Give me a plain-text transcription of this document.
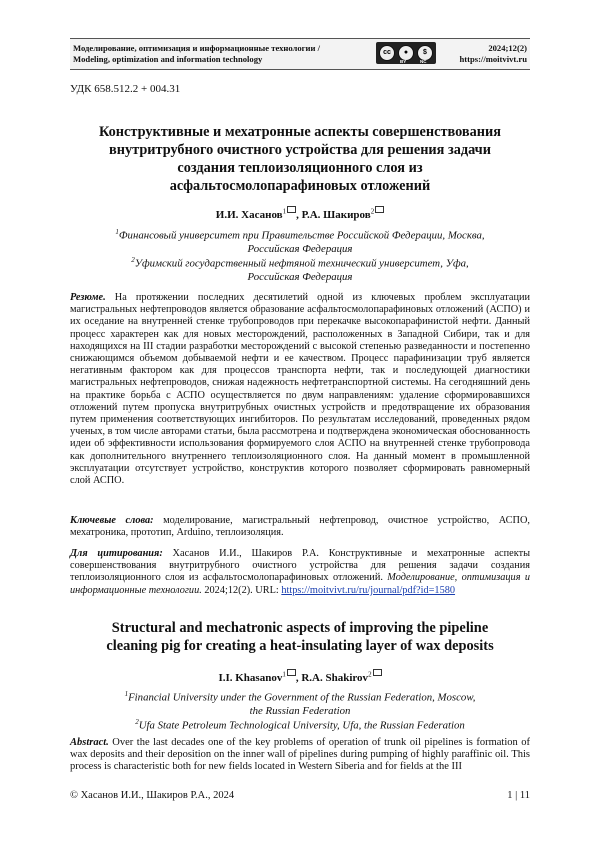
Моделирование, оптимизация и информационные технологии /
Modeling, optimization and information technology
cc	●	$
BY	NC
2024;12(2)
https://moitvivt.ru
УДК 658.512.2 + 004.31
Конструктивные и мехатронные аспекты совершенствования
внутритрубного очистного устройства для решения задачи
создания теплоизоляционного слоя из
асфальтосмолопарафиновых отложений
И.И. Хасанов$^1$ , Р.А. Шакиров$^2$
$^1$Финансовый университет при Правительстве Российской Федерации, Москва,
Российская Федерация
$^2$Уфимский государственный нефтяной технический университет, Уфа,
Российская Федерация
Резюме. На протяжении последних десятилетий одной из ключевых проблем эксплуатации магистральных нефтепроводов является образование асфальтосмолопарафиновых отложений (АСПО) и их оседание на внутренней стенке трубопроводов при перекачке высокопарафинистой нефти. Данный процесс характерен как для новых месторождений, расположенных в Западной Сибири, так и для находящихся на III стадии разработки месторождений с высокой степенью разведанности и постепенно снижающимся объемом добываемой нефти и ее качеством. Процесс парафинизации труб является негативным фактором как для процессов транспорта нефти, так и последующей диагностики магистральных нефтепроводов, снижая надежность нефтетранспортной системы. На сегодняшний день на практике борьба с АСПО осуществляется по двум направлениям: удаление сформировавшихся отложений путем пропуска внутритрубных очистных устройств и предотвращение их образования путем применения соответствующих ингибиторов. По результатам исследований, проведенных рядом ученых, в том числе авторами статьи, была рассмотрена и подтверждена экономическая обоснованность идеи об эффективности использования формируемого слоя АСПО на внутренней стенке трубопровода как дополнительного внутреннего теплоизоляционного слоя. На данный момент в промышленной эксплуатации отсутствует устройство, конструктив которого позволяет сформировать равномерный слой АСПО.
Ключевые слова: моделирование, магистральный нефтепровод, очистное устройство, АСПО, мехатроника, прототип, Arduino, теплоизоляция.
Для цитирования: Хасанов И.И., Шакиров Р.А. Конструктивные и мехатронные аспекты совершенствования внутритрубного очистного устройства для решения задачи создания теплоизоляционного слоя из асфальтосмолопарафиновых отложений. Моделирование, оптимизация и информационные технологии. 2024;12(2). URL: https://moitvivt.ru/ru/journal/pdf?id=1580
Structural and mechatronic aspects of improving the pipeline
cleaning pig for creating a heat-insulating layer of wax deposits
I.I. Khasanov$^1$ , R.A. Shakirov$^2$
$^1$Financial University under the Government of the Russian Federation, Moscow,
the Russian Federation
$^2$Ufa State Petroleum Technological University, Ufa, the Russian Federation
Abstract. Over the last decades one of the key problems of operation of trunk oil pipelines is formation of wax deposits and their deposition on the inner wall of pipelines during pumping of highly paraffinic oil. This process is characteristic both for new fields located in Western Siberia and for fields at the III
© Хасанов И.И., Шакиров Р.А., 2024	1 | 11
